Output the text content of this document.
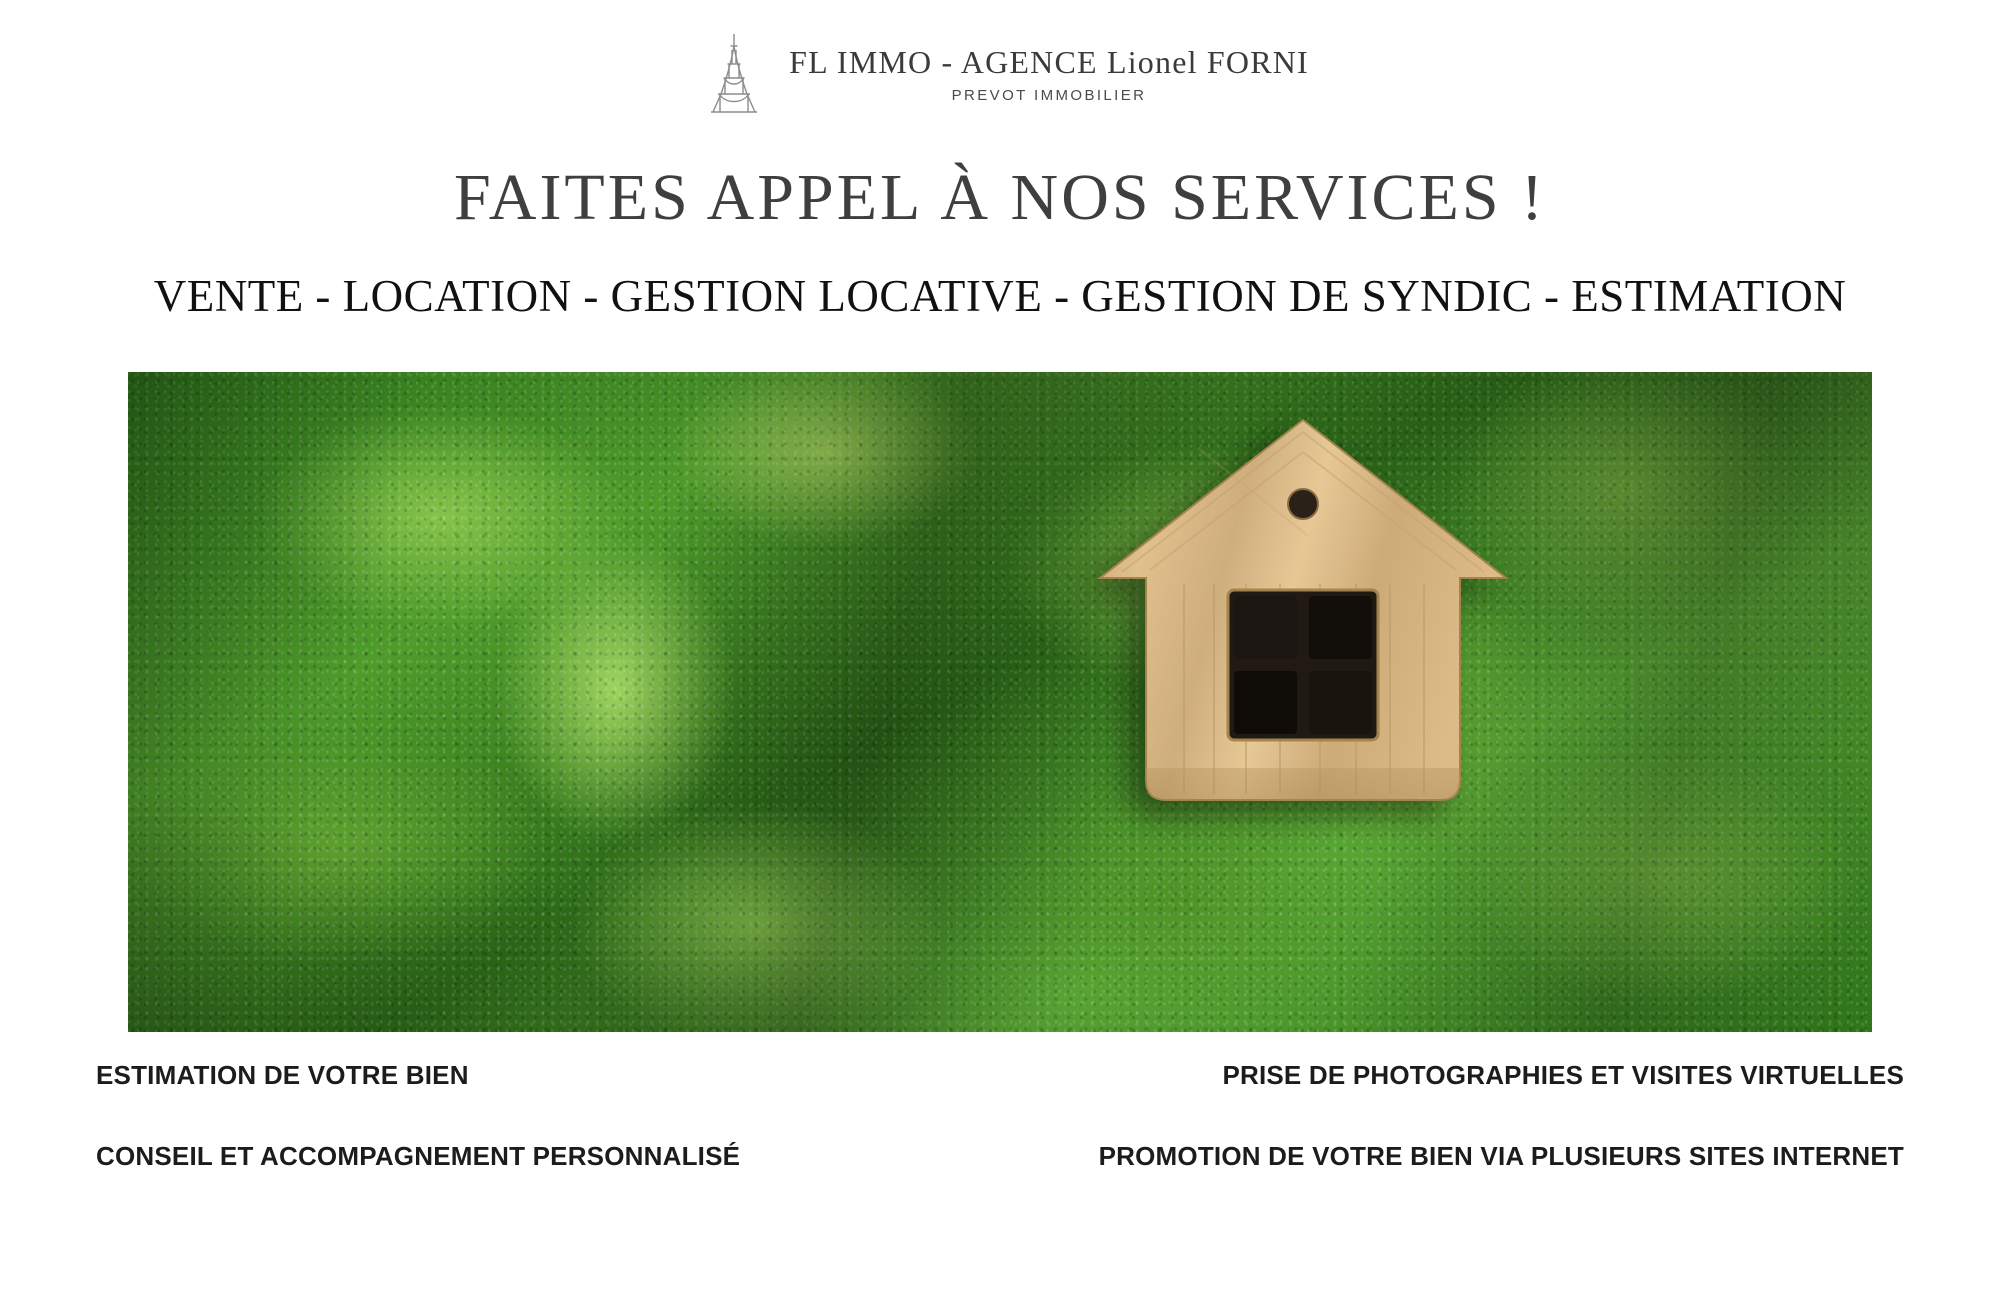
FL IMMO - AGENCE Lionel FORNI
PREVOT IMMOBILIER
FAITES APPEL À NOS SERVICES !
VENTE - LOCATION - GESTION LOCATIVE - GESTION DE SYNDIC - ESTIMATION
ESTIMATION DE VOTRE BIEN
CONSEIL ET ACCOMPAGNEMENT PERSONNALISÉ
PRISE DE PHOTOGRAPHIES ET VISITES VIRTUELLES
PROMOTION DE VOTRE BIEN VIA PLUSIEURS SITES INTERNET
